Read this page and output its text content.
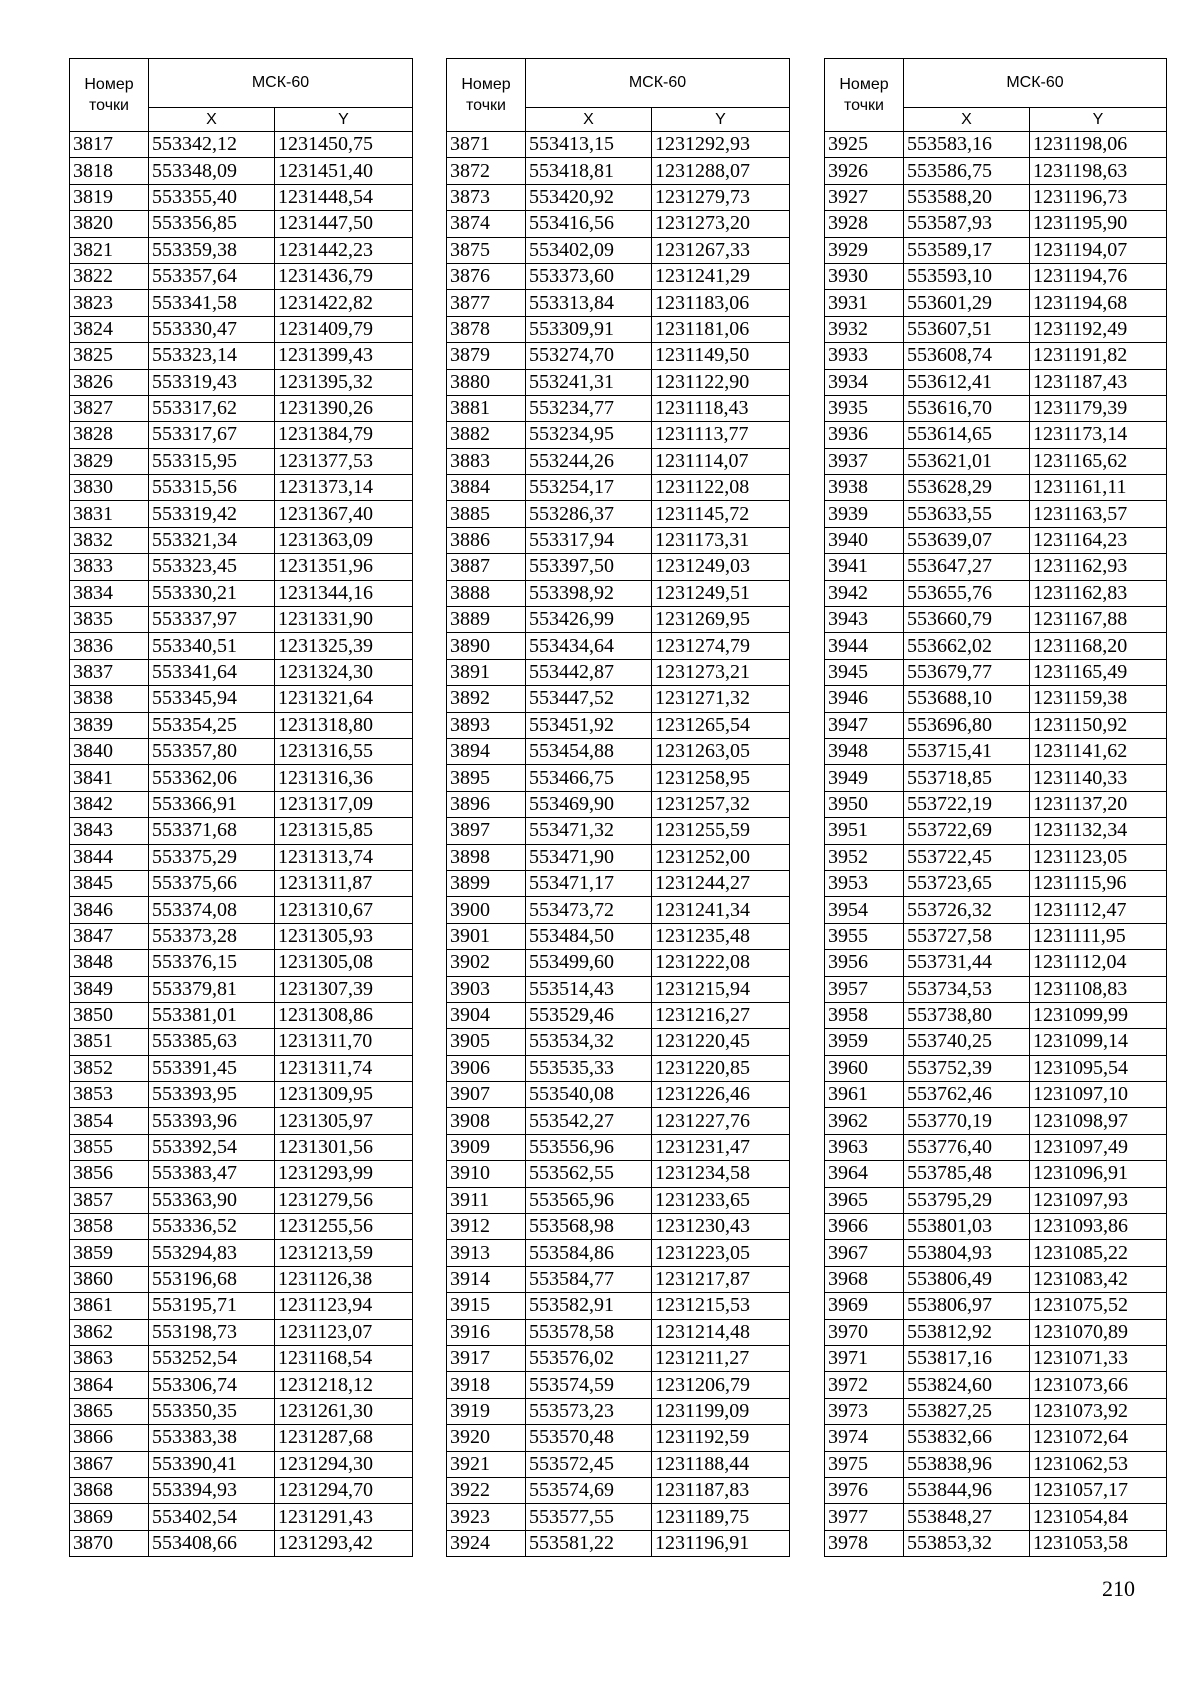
Номер
точки	МСК-60	
	X	Y
3817	553342,12	1231450,75
3818	553348,09	1231451,40
3819	553355,40	1231448,54
3820	553356,85	1231447,50
3821	553359,38	1231442,23
3822	553357,64	1231436,79
3823	553341,58	1231422,82
3824	553330,47	1231409,79
3825	553323,14	1231399,43
3826	553319,43	1231395,32
3827	553317,62	1231390,26
3828	553317,67	1231384,79
3829	553315,95	1231377,53
3830	553315,56	1231373,14
3831	553319,42	1231367,40
3832	553321,34	1231363,09
3833	553323,45	1231351,96
3834	553330,21	1231344,16
3835	553337,97	1231331,90
3836	553340,51	1231325,39
3837	553341,64	1231324,30
3838	553345,94	1231321,64
3839	553354,25	1231318,80
3840	553357,80	1231316,55
3841	553362,06	1231316,36
3842	553366,91	1231317,09
3843	553371,68	1231315,85
3844	553375,29	1231313,74
3845	553375,66	1231311,87
3846	553374,08	1231310,67
3847	553373,28	1231305,93
3848	553376,15	1231305,08
3849	553379,81	1231307,39
3850	553381,01	1231308,86
3851	553385,63	1231311,70
3852	553391,45	1231311,74
3853	553393,95	1231309,95
3854	553393,96	1231305,97
3855	553392,54	1231301,56
3856	553383,47	1231293,99
3857	553363,90	1231279,56
3858	553336,52	1231255,56
3859	553294,83	1231213,59
3860	553196,68	1231126,38
3861	553195,71	1231123,94
3862	553198,73	1231123,07
3863	553252,54	1231168,54
3864	553306,74	1231218,12
3865	553350,35	1231261,30
3866	553383,38	1231287,68
3867	553390,41	1231294,30
3868	553394,93	1231294,70
3869	553402,54	1231291,43
3870	553408,66	1231293,42
Номер
точки	МСК-60	
	X	Y
3871	553413,15	1231292,93
3872	553418,81	1231288,07
3873	553420,92	1231279,73
3874	553416,56	1231273,20
3875	553402,09	1231267,33
3876	553373,60	1231241,29
3877	553313,84	1231183,06
3878	553309,91	1231181,06
3879	553274,70	1231149,50
3880	553241,31	1231122,90
3881	553234,77	1231118,43
3882	553234,95	1231113,77
3883	553244,26	1231114,07
3884	553254,17	1231122,08
3885	553286,37	1231145,72
3886	553317,94	1231173,31
3887	553397,50	1231249,03
3888	553398,92	1231249,51
3889	553426,99	1231269,95
3890	553434,64	1231274,79
3891	553442,87	1231273,21
3892	553447,52	1231271,32
3893	553451,92	1231265,54
3894	553454,88	1231263,05
3895	553466,75	1231258,95
3896	553469,90	1231257,32
3897	553471,32	1231255,59
3898	553471,90	1231252,00
3899	553471,17	1231244,27
3900	553473,72	1231241,34
3901	553484,50	1231235,48
3902	553499,60	1231222,08
3903	553514,43	1231215,94
3904	553529,46	1231216,27
3905	553534,32	1231220,45
3906	553535,33	1231220,85
3907	553540,08	1231226,46
3908	553542,27	1231227,76
3909	553556,96	1231231,47
3910	553562,55	1231234,58
3911	553565,96	1231233,65
3912	553568,98	1231230,43
3913	553584,86	1231223,05
3914	553584,77	1231217,87
3915	553582,91	1231215,53
3916	553578,58	1231214,48
3917	553576,02	1231211,27
3918	553574,59	1231206,79
3919	553573,23	1231199,09
3920	553570,48	1231192,59
3921	553572,45	1231188,44
3922	553574,69	1231187,83
3923	553577,55	1231189,75
3924	553581,22	1231196,91
Номер
точки	МСК-60	
	X	Y
3925	553583,16	1231198,06
3926	553586,75	1231198,63
3927	553588,20	1231196,73
3928	553587,93	1231195,90
3929	553589,17	1231194,07
3930	553593,10	1231194,76
3931	553601,29	1231194,68
3932	553607,51	1231192,49
3933	553608,74	1231191,82
3934	553612,41	1231187,43
3935	553616,70	1231179,39
3936	553614,65	1231173,14
3937	553621,01	1231165,62
3938	553628,29	1231161,11
3939	553633,55	1231163,57
3940	553639,07	1231164,23
3941	553647,27	1231162,93
3942	553655,76	1231162,83
3943	553660,79	1231167,88
3944	553662,02	1231168,20
3945	553679,77	1231165,49
3946	553688,10	1231159,38
3947	553696,80	1231150,92
3948	553715,41	1231141,62
3949	553718,85	1231140,33
3950	553722,19	1231137,20
3951	553722,69	1231132,34
3952	553722,45	1231123,05
3953	553723,65	1231115,96
3954	553726,32	1231112,47
3955	553727,58	1231111,95
3956	553731,44	1231112,04
3957	553734,53	1231108,83
3958	553738,80	1231099,99
3959	553740,25	1231099,14
3960	553752,39	1231095,54
3961	553762,46	1231097,10
3962	553770,19	1231098,97
3963	553776,40	1231097,49
3964	553785,48	1231096,91
3965	553795,29	1231097,93
3966	553801,03	1231093,86
3967	553804,93	1231085,22
3968	553806,49	1231083,42
3969	553806,97	1231075,52
3970	553812,92	1231070,89
3971	553817,16	1231071,33
3972	553824,60	1231073,66
3973	553827,25	1231073,92
3974	553832,66	1231072,64
3975	553838,96	1231062,53
3976	553844,96	1231057,17
3977	553848,27	1231054,84
3978	553853,32	1231053,58
210
